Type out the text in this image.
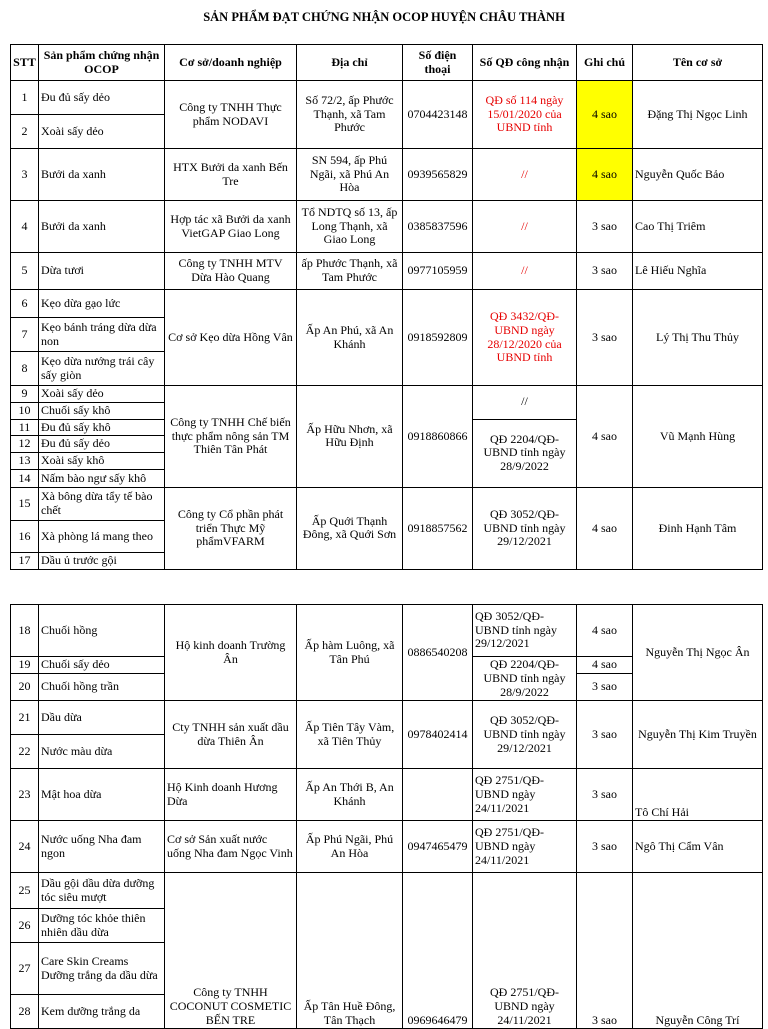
SẢN PHẨM ĐẠT CHỨNG NHẬN OCOP HUYỆN CHÂU THÀNH
STT	Sản phẩm chứng nhận OCOP	Cơ sở/doanh nghiệp	Địa chỉ	Số điện thoại	Số QĐ công nhận	Ghi chú	Tên cơ sở
1	Đu đủ sấy dẻo	Công ty TNHH Thực phẩm NODAVI	Số 72/2, ấp Phước Thạnh, xã Tam Phước	0704423148	QĐ số 114 ngày 15/01/2020 của UBND tỉnh	4 sao	Đặng Thị Ngọc Linh
2	Xoài sấy dẻo						
3	Bưởi da xanh	HTX Bưởi da xanh Bến Tre	SN 594, ấp Phú Ngãi, xã Phú An Hòa	0939565829	//	4 sao	Nguyễn Quốc Bảo
4	Bưởi da xanh	Hợp tác xã Bưởi da xanh VietGAP Giao Long	Tổ NDTQ số 13, ấp Long Thạnh, xã Giao Long	0385837596	//	3 sao	Cao Thị Triêm
5	Dừa tươi	Công ty TNHH MTV Dừa Hào Quang	ấp Phước Thạnh, xã Tam Phước	0977105959	//	3 sao	Lê Hiếu Nghĩa
6	Kẹo dừa gạo lức	Cơ sở Kẹo dừa Hồng Vân	Ấp An Phú, xã An Khánh	0918592809	QĐ 3432/QĐ-UBND ngày 28/12/2020 của UBND tỉnh	3 sao	Lý Thị Thu Thủy
7	Kẹo bánh tráng dừa dừa non						
8	Kẹo dừa nướng trái cây sấy giòn						
9	Xoài sấy dẻo	Công ty TNHH Chế biến thực phẩm nông sản TM Thiên Tân Phát	Ấp Hữu Nhơn, xã Hữu Định	0918860866	//	4 sao	Vũ Mạnh Hùng
10	Chuối sấy khô						
11	Đu đủ sấy khô				QĐ 2204/QĐ-UBND tỉnh ngày 28/9/2022		
12	Đu đủ sấy dẻo						
13	Xoài sấy khô						
14	Nấm bào ngư sấy khô						
15	Xà bông dừa tẩy tế bào chết	Công ty Cổ phần phát triển Thực Mỹ phẩmVFARM	Ấp Quới Thạnh Đông, xã Quới Sơn	0918857562	QĐ 3052/QĐ-UBND tỉnh ngày 29/12/2021	4 sao	Đinh Hạnh Tâm
16	Xà phòng lá mang theo						
17	Dầu ủ trước gội						
18	Chuối hồng	Hộ kinh doanh Trường Ân	Ấp hàm Luông, xã Tân Phú	0886540208	QĐ 3052/QĐ-UBND tỉnh ngày 29/12/2021	4 sao	Nguyễn Thị Ngọc Ân
19	Chuối sấy dẻo				QĐ 2204/QĐ-UBND tỉnh ngày 28/9/2022	4 sao	
20	Chuối hồng trần					3 sao	
21	Dầu dừa	Cty TNHH sản xuất dầu dừa Thiên Ân	Ấp Tiên Tây Vàm, xã Tiên Thủy	0978402414	QĐ 3052/QĐ-UBND tỉnh ngày 29/12/2021	3 sao	Nguyễn Thị Kim Truyền
22	Nước màu dừa						
23	Mật hoa dừa	Hộ Kinh doanh Hương Dừa	Ấp An Thới B, An Khánh		QĐ 2751/QĐ-UBND ngày 24/11/2021	3 sao	Tô Chí Hải
24	Nước uống Nha đam ngon	Cơ sở Sản xuất nước uống Nha đam Ngọc Vinh	Ấp Phú Ngãi, Phú An Hòa	0947465479	QĐ 2751/QĐ-UBND ngày 24/11/2021	3 sao	Ngô Thị Cẩm Vân
25	Dầu gội dầu dừa dưỡng tóc siêu mượt	Công ty TNHH COCONUT COSMETIC BẾN TRE	Ấp Tân Huề Đông, Tân Thạch	0969646479	QĐ 2751/QĐ-UBND ngày 24/11/2021	3 sao	Nguyễn Công Trí
26	Dưỡng tóc khỏe thiên nhiên dầu dừa						
27	Care Skin Creams Dưỡng trắng da dầu dừa						
28	Kem dưỡng trắng da						
